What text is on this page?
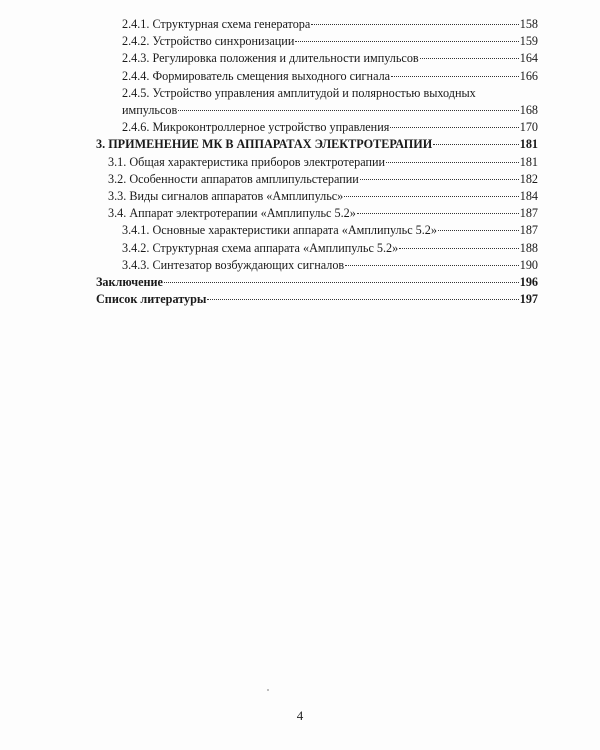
2.4.1. Структурная схема генератора	158
2.4.2. Устройство синхронизации	159
2.4.3. Регулировка положения и длительности импульсов	164
2.4.4. Формирователь смещения выходного сигнала	166
2.4.5. Устройство управления амплитудой и полярностью выходных
импульсов	168
2.4.6. Микроконтроллерное устройство управления	170
3. ПРИМЕНЕНИЕ МК В АППАРАТАХ ЭЛЕКТРОТЕРАПИИ	181
3.1. Общая характеристика приборов электротерапии	181
3.2. Особенности аппаратов амплипульстерапии	182
3.3. Виды сигналов аппаратов «Амплипульс»	184
3.4. Аппарат электротерапии «Амплипульс 5.2»	187
3.4.1. Основные характеристики аппарата «Амплипульс 5.2»	187
3.4.2. Структурная схема аппарата «Амплипульс 5.2»	188
3.4.3. Синтезатор возбуждающих сигналов	190
Заключение	196
Список литературы	197
4
